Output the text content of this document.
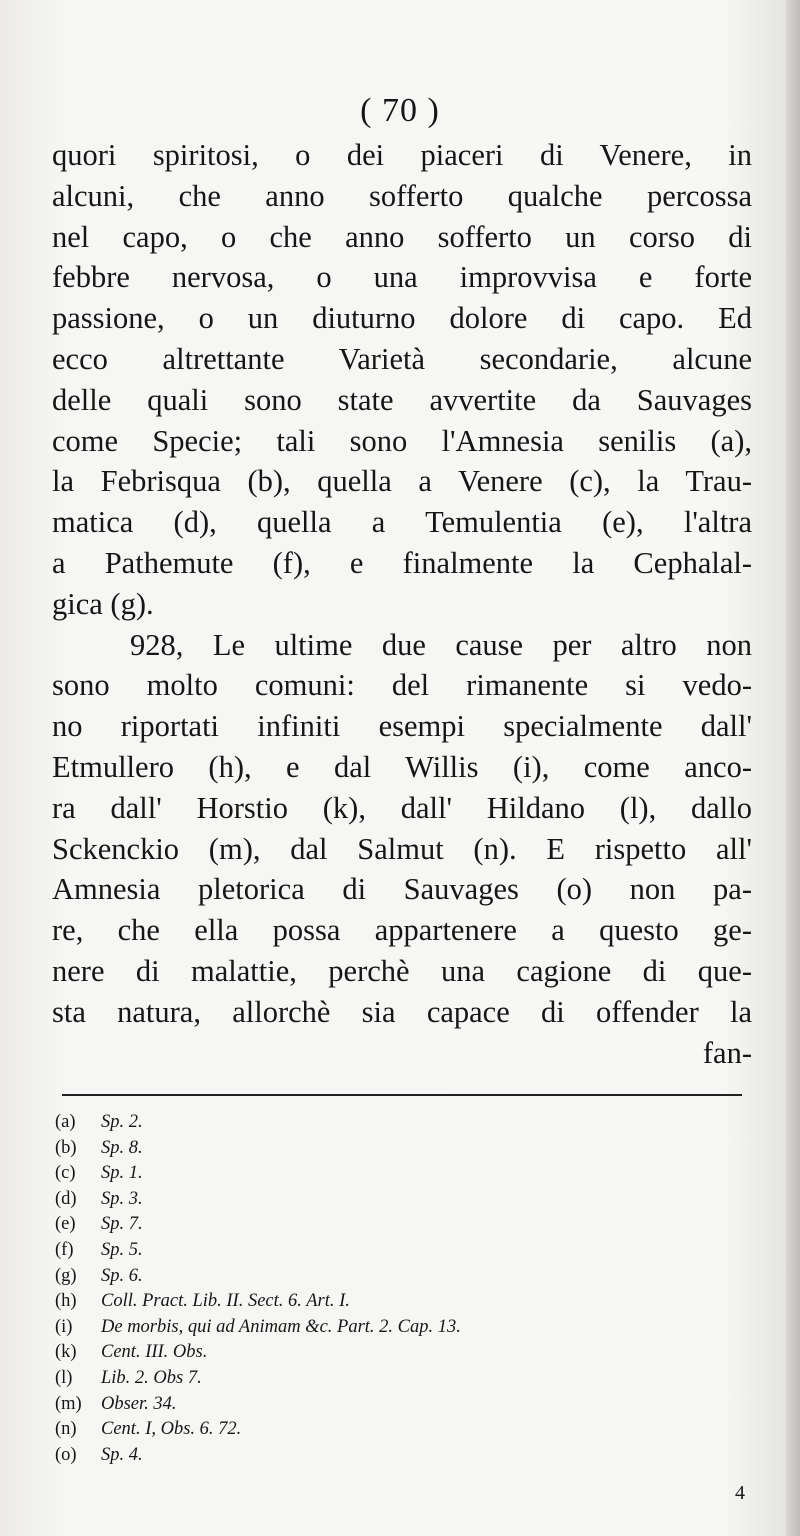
( 70 )
quori spiritosi, o dei piaceri di Venere, in
alcuni, che anno sofferto qualche percossa
nel capo, o che anno sofferto un corso di
febbre nervosa, o una improvvisa e forte
passione, o un diuturno dolore di capo. Ed
ecco altrettante Varietà secondarie, alcune
delle quali sono state avvertite da Sauvages
come Specie; tali sono l'Amnesia senilis (a),
la Febrisqua (b), quella a Venere (c), la Trau-
matica (d), quella a Temulentia (e), l'altra
a Pathemute (f), e finalmente la Cephalal-
gica (g).
928, Le ultime due cause per altro non
sono molto comuni: del rimanente si vedo-
no riportati infiniti esempi specialmente dall'
Etmullero (h), e dal Willis (i), come anco-
ra dall' Horstio (k), dall' Hildano (l), dallo
Sckenckio (m), dal Salmut (n). E rispetto all'
Amnesia pletorica di Sauvages (o) non pa-
re, che ella possa appartenere a questo ge-
nere di malattie, perchè una cagione di que-
sta natura, allorchè sia capace di offender la
fan-
(a) Sp. 2.
(b) Sp. 8.
(c) Sp. 1.
(d) Sp. 3.
(e) Sp. 7.
(f) Sp. 5.
(g) Sp. 6.
(h) Coll. Pract. Lib. II. Sect. 6. Art. I.
(i) De morbis, qui ad Animam &c. Part. 2. Cap. 13.
(k) Cent. III. Obs.
(l) Lib. 2. Obs 7.
(m) Obser. 34.
(n) Cent. I, Obs. 6. 72.
(o) Sp. 4.
4
